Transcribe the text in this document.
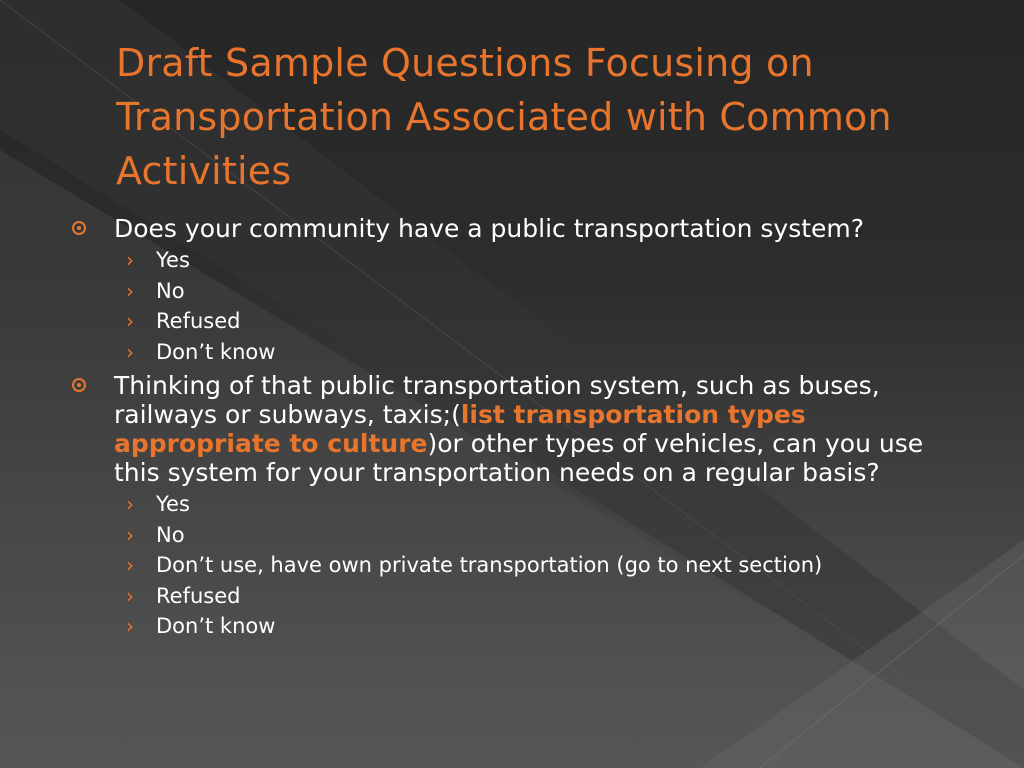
Draft Sample Questions Focusing on Transportation Associated with Common Activities
Does your community have a public transportation system?
› Yes
› No
› Refused
› Don’t know
Thinking of that public transportation system, such as buses, railways or subways, taxis;(list transportation types appropriate to culture)or other types of vehicles, can you use this system for your transportation needs on a regular basis?
› Yes
› No
› Don’t use, have own private transportation (go to next section)
› Refused
› Don’t know
